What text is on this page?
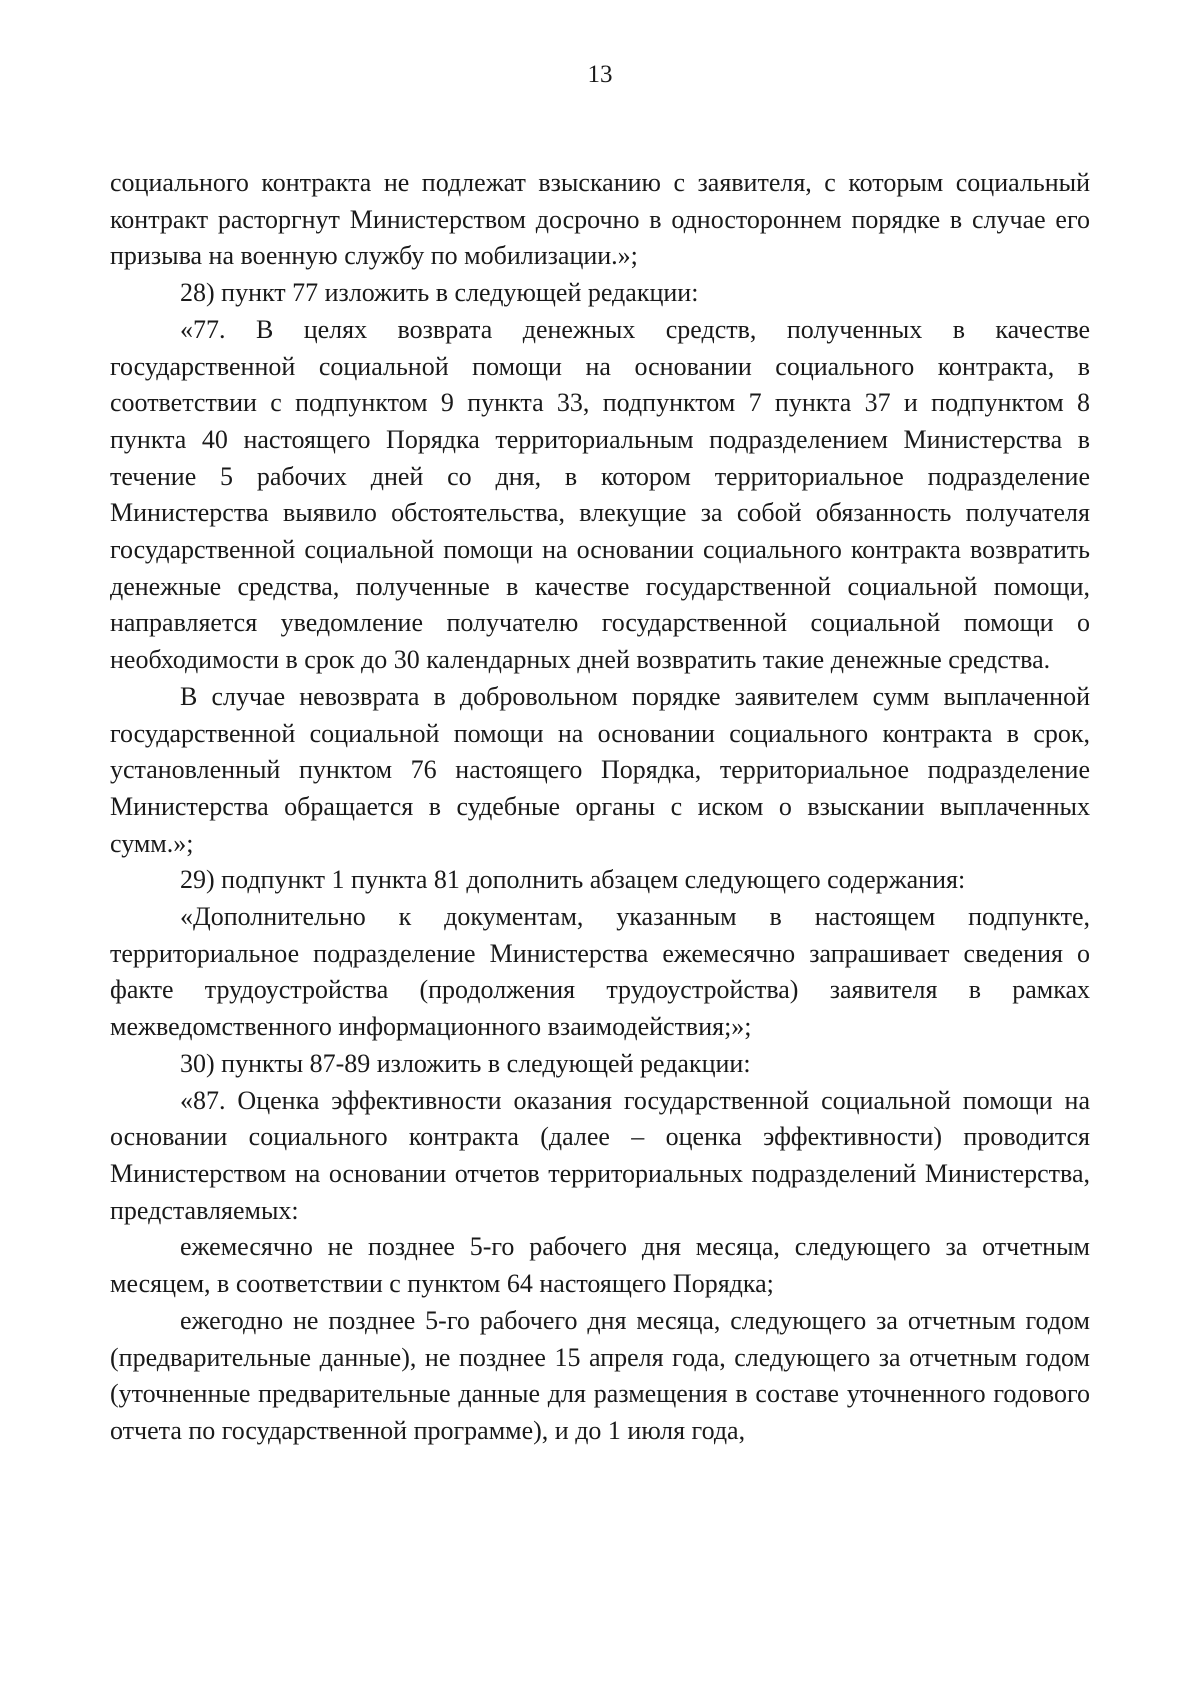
13

социального контракта не подлежат взысканию с заявителя, с которым социальный контракт расторгнут Министерством досрочно в одностороннем порядке в случае его призыва на военную службу по мобилизации.»;

28) пункт 77 изложить в следующей редакции:

«77. В целях возврата денежных средств, полученных в качестве государственной социальной помощи на основании социального контракта, в соответствии с подпунктом 9 пункта 33, подпунктом 7 пункта 37 и подпунктом 8 пункта 40 настоящего Порядка территориальным подразделением Министерства в течение 5 рабочих дней со дня, в котором территориальное подразделение Министерства выявило обстоятельства, влекущие за собой обязанность получателя государственной социальной помощи на основании социального контракта возвратить денежные средства, полученные в качестве государственной социальной помощи, направляется уведомление получателю государственной социальной помощи о необходимости в срок до 30 календарных дней возвратить такие денежные средства.

В случае невозврата в добровольном порядке заявителем сумм выплаченной государственной социальной помощи на основании социального контракта в срок, установленный пунктом 76 настоящего Порядка, территориальное подразделение Министерства обращается в судебные органы с иском о взыскании выплаченных сумм.»;

29) подпункт 1 пункта 81 дополнить абзацем следующего содержания:

«Дополнительно к документам, указанным в настоящем подпункте, территориальное подразделение Министерства ежемесячно запрашивает сведения о факте трудоустройства (продолжения трудоустройства) заявителя в рамках межведомственного информационного взаимодействия;»;

30) пункты 87-89 изложить в следующей редакции:

«87. Оценка эффективности оказания государственной социальной помощи на основании социального контракта (далее – оценка эффективности) проводится Министерством на основании отчетов территориальных подразделений Министерства, представляемых:

ежемесячно не позднее 5-го рабочего дня месяца, следующего за отчетным месяцем, в соответствии с пунктом 64 настоящего Порядка;

ежегодно не позднее 5-го рабочего дня месяца, следующего за отчетным годом (предварительные данные), не позднее 15 апреля года, следующего за отчетным годом (уточненные предварительные данные для размещения в составе уточненного годового отчета по государственной программе), и до 1 июля года,
